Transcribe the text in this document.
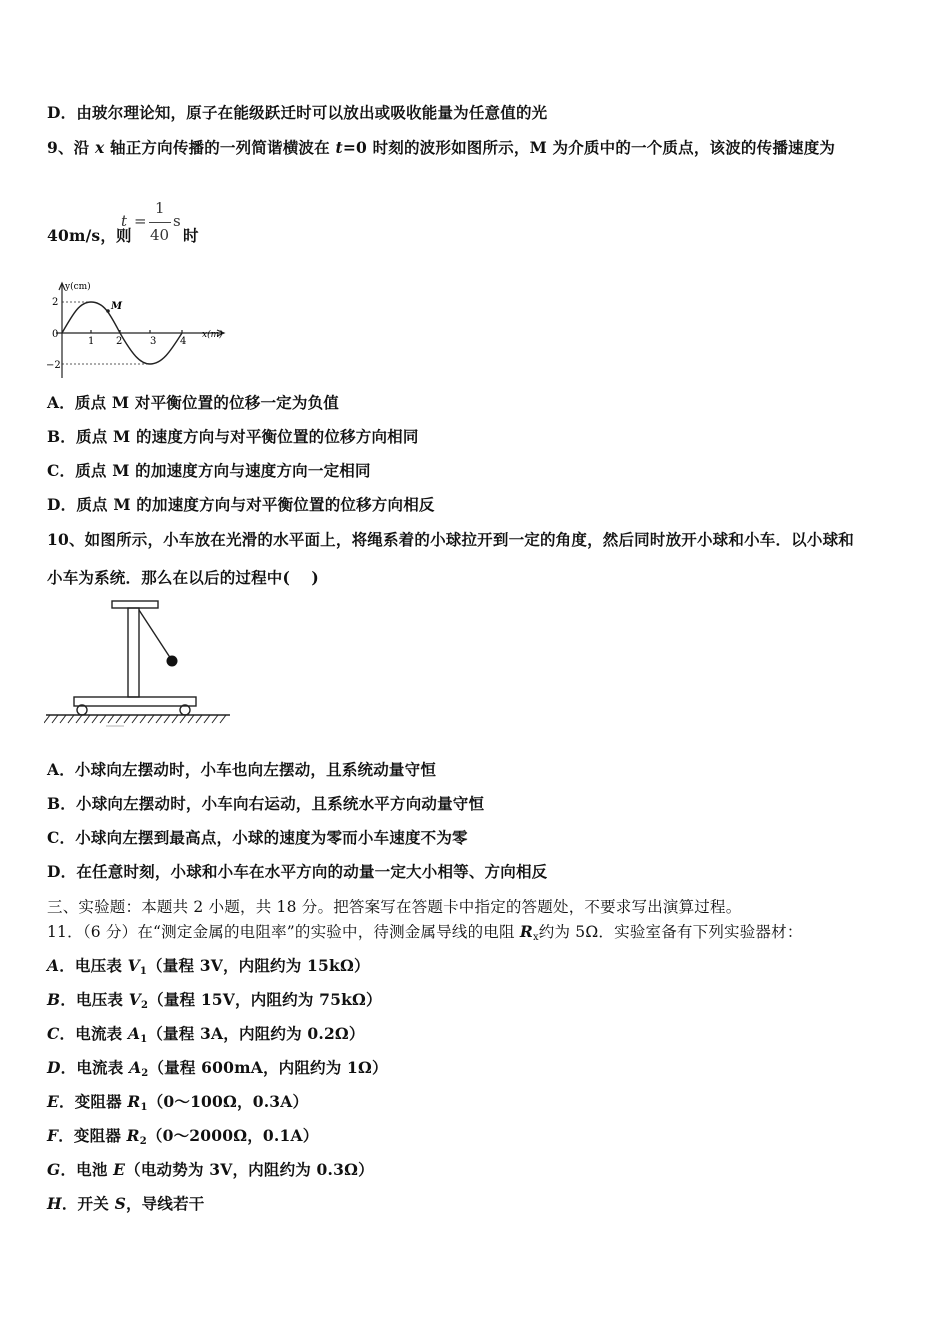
D．由玻尔理论知，原子在能级跃迁时可以放出或吸收能量为任意值的光
9、沿 x 轴正方向传播的一列简谐横波在 t=0 时刻的波形如图所示，M 为介质中的一个质点，该波的传播速度为
40m/s，则
t =
1
40
s
时
y(cm)
x(m)
M
2
0
−2
1 2	3 4
A．质点 M 对平衡位置的位移一定为负值
B．质点 M 的速度方向与对平衡位置的位移方向相同
C．质点 M 的加速度方向与速度方向一定相同
D．质点 M 的加速度方向与对平衡位置的位移方向相反
10、如图所示，小车放在光滑的水平面上，将绳系着的小球拉开到一定的角度，然后同时放开小球和小车．以小球和
小车为系统．那么在以后的过程中(　 )
A．小球向左摆动时，小车也向左摆动，且系统动量守恒
B．小球向左摆动时，小车向右运动，且系统水平方向动量守恒
C．小球向左摆到最高点，小球的速度为零而小车速度不为零
D．在任意时刻，小球和小车在水平方向的动量一定大小相等、方向相反
三、实验题：本题共 2 小题，共 18 分。把答案写在答题卡中指定的答题处，不要求写出演算过程。
11．（6 分）在“测定金属的电阻率”的实验中，待测金属导线的电阻 $R_x$约为 5Ω．实验室备有下列实验器材：
A．电压表 $V_1$（量程 3V，内阻约为 15kΩ）
B．电压表 $V_2$（量程 15V，内阻约为 75kΩ）
C．电流表 $A_1$（量程 3A，内阻约为 0.2Ω）
D．电流表 $A_2$（量程 600mA，内阻约为 1Ω）
E．变阻器 $R_1(0\sim 100\Omega$，0.3A）
F．变阻器 $R_2(0\sim 2000\Omega$，0.1A）
G．电池 E（电动势为 3V，内阻约为 0.3Ω）
H．开关 S，导线若干
